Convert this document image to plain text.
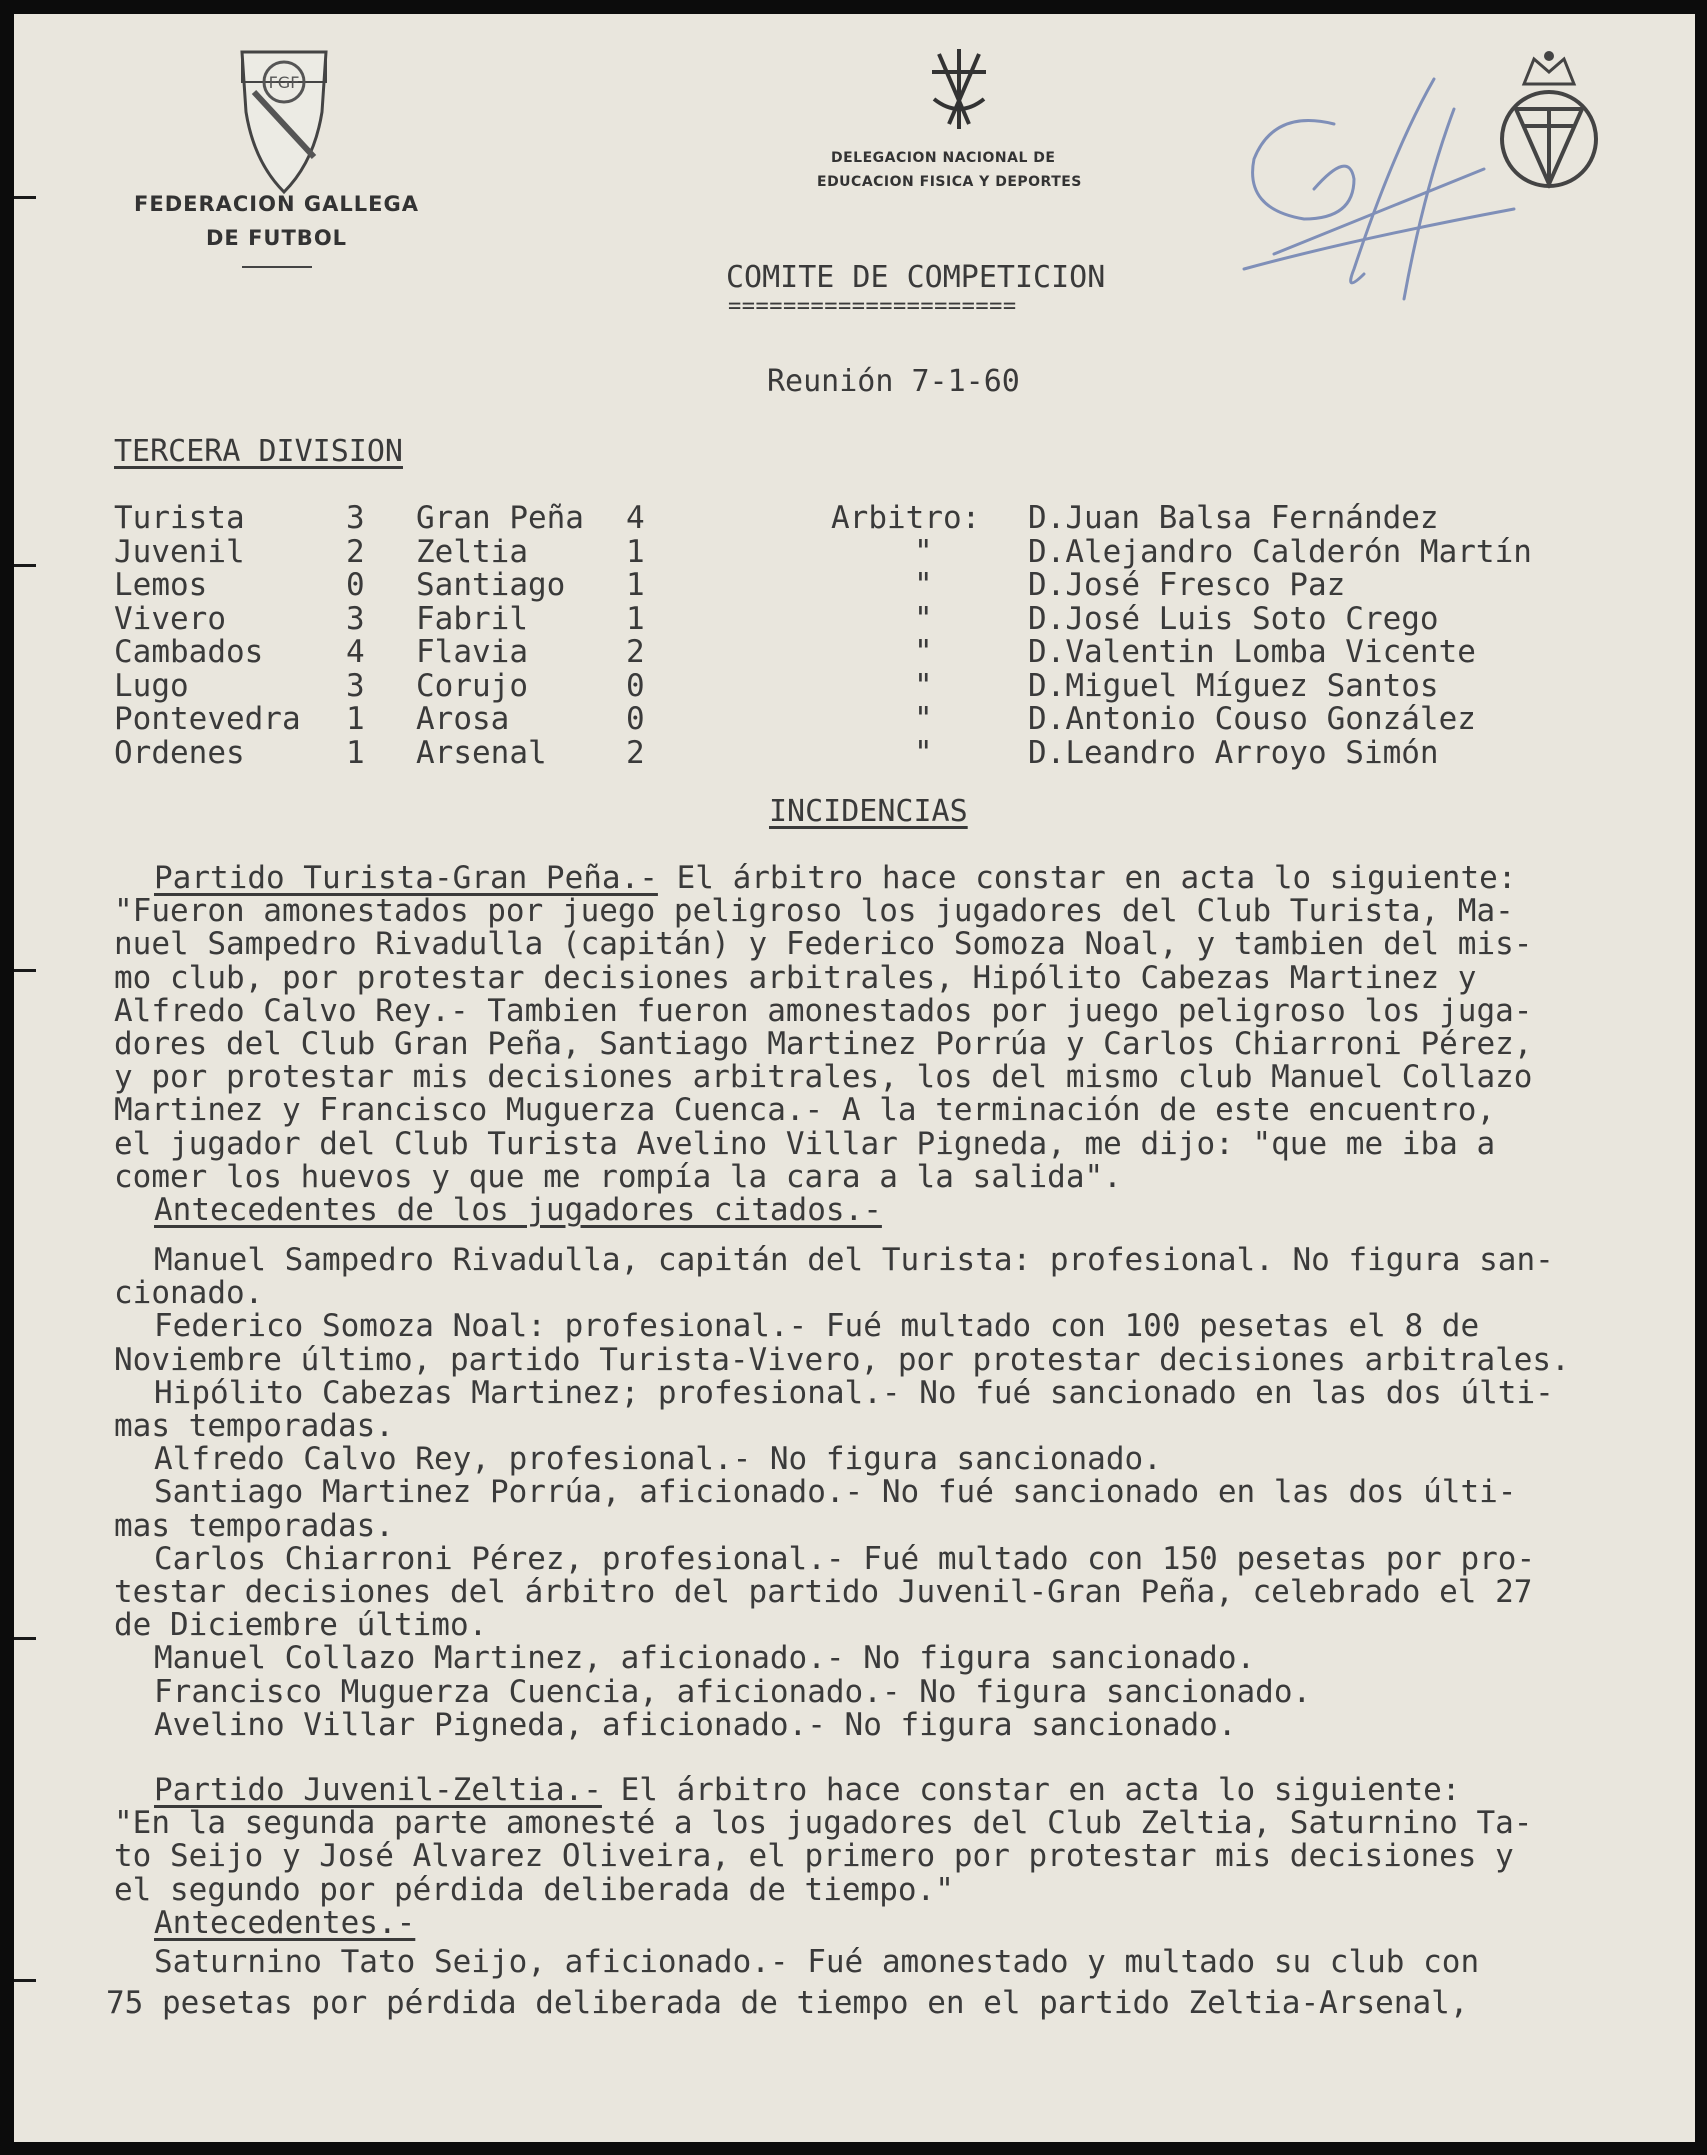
FGF
FEDERACION GALLEGA
DE FUTBOL
DELEGACION NACIONAL DE
EDUCACION FISICA Y DEPORTES
COMITE DE COMPETICION
=====================
Reunión 7-1-60
TERCERA DIVISION
Turista	3 Gran Peña 4	Arbitro: D.Juan Balsa Fernández
Juvenil	2 Zeltia	1	"	D.Alejandro Calderón Martín
Lemos	0 Santiago 1	"	D.José Fresco Paz
Vivero	3 Fabril	1	"	D.José Luis Soto Crego
Cambados	4 Flavia	2	"	D.Valentin Lomba Vicente
Lugo	3 Corujo	0	"	D.Miguel Míguez Santos
Pontevedra 1 Arosa	0	"	D.Antonio Couso González
Ordenes	1 Arsenal	2	"	D.Leandro Arroyo Simón
INCIDENCIAS

Partido Turista-Gran Peña.- El árbitro hace constar en acta lo siguiente:

"Fueron amonestados por juego peligroso los jugadores del Club Turista, Ma-

nuel Sampedro Rivadulla (capitán) y Federico Somoza Noal, y tambien del mis-

mo club, por protestar decisiones arbitrales, Hipólito Cabezas Martinez y

Alfredo Calvo Rey.- Tambien fueron amonestados por juego peligroso los juga-

dores del Club Gran Peña, Santiago Martinez Porrúa y Carlos Chiarroni Pérez,

y por protestar mis decisiones arbitrales, los del mismo club Manuel Collazo

Martinez y Francisco Muguerza Cuenca.- A la terminación de este encuentro,

el jugador del Club Turista Avelino Villar Pigneda, me dijo: "que me iba a

comer los huevos y que me rompía la cara a la salida".

Antecedentes de los jugadores citados.-

Manuel Sampedro Rivadulla, capitán del Turista: profesional. No figura san-

cionado.

Federico Somoza Noal: profesional.- Fué multado con 100 pesetas el 8 de

Noviembre último, partido Turista-Vivero, por protestar decisiones arbitrales.

Hipólito Cabezas Martinez; profesional.- No fué sancionado en las dos últi-

mas temporadas.

Alfredo Calvo Rey, profesional.- No figura sancionado.

Santiago Martinez Porrúa, aficionado.- No fué sancionado en las dos últi-

mas temporadas.

Carlos Chiarroni Pérez, profesional.- Fué multado con 150 pesetas por pro-

testar decisiones del árbitro del partido Juvenil-Gran Peña, celebrado el 27

de Diciembre último.

Manuel Collazo Martinez, aficionado.- No figura sancionado.

Francisco Muguerza Cuencia, aficionado.- No figura sancionado.

Avelino Villar Pigneda, aficionado.- No figura sancionado.

Partido Juvenil-Zeltia.- El árbitro hace constar en acta lo siguiente:

"En la segunda parte amonesté a los jugadores del Club Zeltia, Saturnino Ta-

to Seijo y José Alvarez Oliveira, el primero por protestar mis decisiones y

el segundo por pérdida deliberada de tiempo."

Antecedentes.-

Saturnino Tato Seijo, aficionado.- Fué amonestado y multado su club con

75 pesetas por pérdida deliberada de tiempo en el partido Zeltia-Arsenal,
